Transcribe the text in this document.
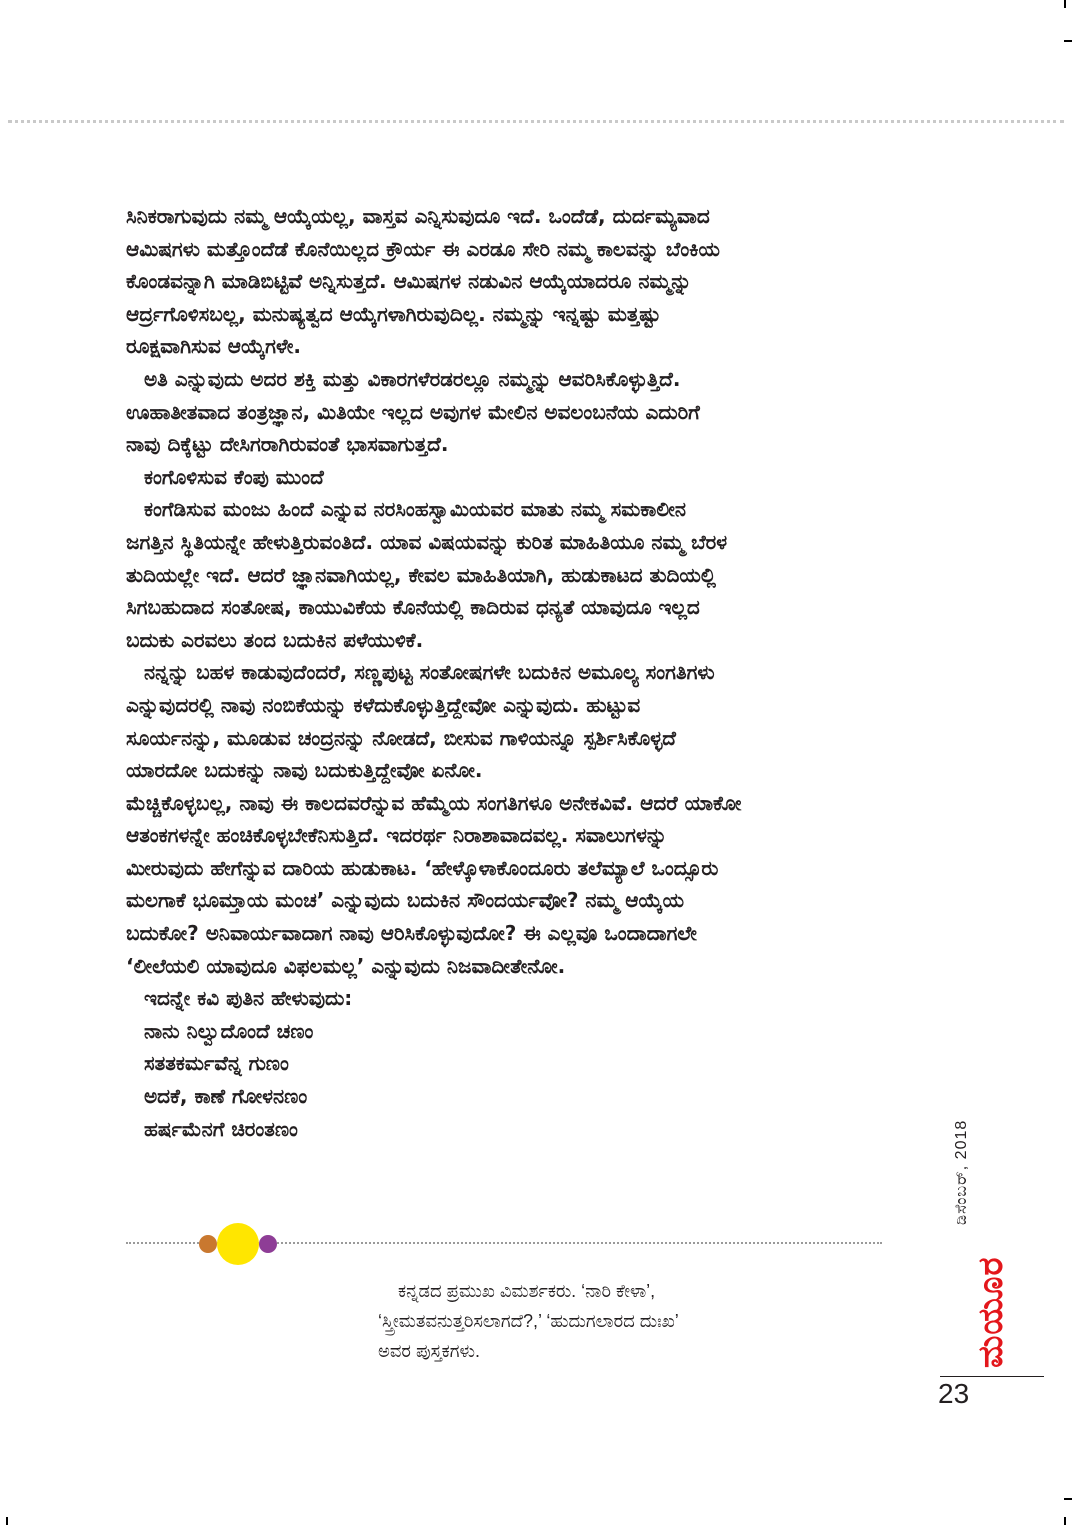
ಸಿನಿಕರಾಗುವುದು ನಮ್ಮ ಆಯ್ಕೆಯಲ್ಲ, ವಾಸ್ತವ ಎನ್ನಿಸುವುದೂ ಇದೆ. ಒಂದೆಡೆ, ದುರ್ದಮ್ಯವಾದ
ಆಮಿಷಗಳು ಮತ್ತೊಂದೆಡೆ ಕೊನೆಯಿಲ್ಲದ ಕ್ರೌರ್ಯ ಈ ಎರಡೂ ಸೇರಿ ನಮ್ಮ ಕಾಲವನ್ನು ಬೆಂಕಿಯ
ಕೊಂಡವನ್ನಾಗಿ ಮಾಡಿಬಿಟ್ಟಿವೆ ಅನ್ನಿಸುತ್ತದೆ. ಆಮಿಷಗಳ ನಡುವಿನ ಆಯ್ಕೆಯಾದರೂ ನಮ್ಮನ್ನು
ಆರ್ದ್ರಗೊಳಿಸಬಲ್ಲ, ಮನುಷ್ಯತ್ವದ ಆಯ್ಕೆಗಳಾಗಿರುವುದಿಲ್ಲ. ನಮ್ಮನ್ನು ಇನ್ನಷ್ಟು ಮತ್ತಷ್ಟು
ರೂಕ್ಷವಾಗಿಸುವ ಆಯ್ಕೆಗಳೇ.
ಅತಿ ಎನ್ನುವುದು ಅದರ ಶಕ್ತಿ ಮತ್ತು ವಿಕಾರಗಳೆರಡರಲ್ಲೂ ನಮ್ಮನ್ನು ಆವರಿಸಿಕೊಳ್ಳುತ್ತಿದೆ.
ಊಹಾತೀತವಾದ ತಂತ್ರಜ್ಞಾನ, ಮಿತಿಯೇ ಇಲ್ಲದ ಅವುಗಳ ಮೇಲಿನ ಅವಲಂಬನೆಯ ಎದುರಿಗೆ
ನಾವು ದಿಕ್ಕೆಟ್ಟು ದೇಸಿಗರಾಗಿರುವಂತೆ ಭಾಸವಾಗುತ್ತದೆ.
ಕಂಗೊಳಿಸುವ ಕೆಂಪು ಮುಂದೆ
ಕಂಗೆಡಿಸುವ ಮಂಜು ಹಿಂದೆ ಎನ್ನುವ ನರಸಿಂಹಸ್ವಾಮಿಯವರ ಮಾತು ನಮ್ಮ ಸಮಕಾಲೀನ
ಜಗತ್ತಿನ ಸ್ಥಿತಿಯನ್ನೇ ಹೇಳುತ್ತಿರುವಂತಿದೆ. ಯಾವ ವಿಷಯವನ್ನು ಕುರಿತ ಮಾಹಿತಿಯೂ ನಮ್ಮ ಬೆರಳ
ತುದಿಯಲ್ಲೇ ಇದೆ. ಆದರೆ ಜ್ಞಾನವಾಗಿಯಲ್ಲ, ಕೇವಲ ಮಾಹಿತಿಯಾಗಿ, ಹುಡುಕಾಟದ ತುದಿಯಲ್ಲಿ
ಸಿಗಬಹುದಾದ ಸಂತೋಷ, ಕಾಯುವಿಕೆಯ ಕೊನೆಯಲ್ಲಿ ಕಾದಿರುವ ಧನ್ಯತೆ ಯಾವುದೂ ಇಲ್ಲದ
ಬದುಕು ಎರವಲು ತಂದ ಬದುಕಿನ ಪಳೆಯುಳಿಕೆ.
ನನ್ನನ್ನು ಬಹಳ ಕಾಡುವುದೆಂದರೆ, ಸಣ್ಣಪುಟ್ಟ ಸಂತೋಷಗಳೇ ಬದುಕಿನ ಅಮೂಲ್ಯ ಸಂಗತಿಗಳು
ಎನ್ನುವುದರಲ್ಲಿ ನಾವು ನಂಬಿಕೆಯನ್ನು ಕಳೆದುಕೊಳ್ಳುತ್ತಿದ್ದೇವೋ ಎನ್ನುವುದು. ಹುಟ್ಟುವ
ಸೂರ್ಯನನ್ನು, ಮೂಡುವ ಚಂದ್ರನನ್ನು ನೋಡದೆ, ಬೀಸುವ ಗಾಳಿಯನ್ನೂ ಸ್ಪರ್ಶಿಸಿಕೊಳ್ಳದೆ
ಯಾರದೋ ಬದುಕನ್ನು ನಾವು ಬದುಕುತ್ತಿದ್ದೇವೋ ಏನೋ.
ಮೆಚ್ಚಿಕೊಳ್ಳಬಲ್ಲ, ನಾವು ಈ ಕಾಲದವರೆನ್ನುವ ಹೆಮ್ಮೆಯ ಸಂಗತಿಗಳೂ ಅನೇಕವಿವೆ. ಆದರೆ ಯಾಕೋ
ಆತಂಕಗಳನ್ನೇ ಹಂಚಿಕೊಳ್ಳಬೇಕೆನಿಸುತ್ತಿದೆ. ಇದರರ್ಥ ನಿರಾಶಾವಾದವಲ್ಲ. ಸವಾಲುಗಳನ್ನು
ಮೀರುವುದು ಹೇಗೆನ್ನುವ ದಾರಿಯ ಹುಡುಕಾಟ. ‘ಹೇಳ್ಕೊಳಾಕೊಂದೂರು ತಲೆಮ್ಯಾಲೆ ಒಂದ್ಸೂರು
ಮಲಗಾಕೆ ಭೂಮ್ತಾಯ ಮಂಚ’ ಎನ್ನುವುದು ಬದುಕಿನ ಸೌಂದರ್ಯವೋ? ನಮ್ಮ ಆಯ್ಕೆಯ
ಬದುಕೋ? ಅನಿವಾರ್ಯವಾದಾಗ ನಾವು ಆರಿಸಿಕೊಳ್ಳುವುದೋ? ಈ ಎಲ್ಲವೂ ಒಂದಾದಾಗಲೇ
‘ಲೀಲೆಯಲಿ ಯಾವುದೂ ವಿಫಲಮಲ್ಲ’ ಎನ್ನುವುದು ನಿಜವಾದೀತೇನೋ.
ಇದನ್ನೇ ಕವಿ ಪುತಿನ ಹೇಳುವುದು:
ನಾನು ನಿಲ್ವುದೊಂದೆ ಚಣಂ
ಸತತಕರ್ಮವೆನ್ನ ಗುಣಂ
ಅದಕೆ, ಕಾಣೆ ಗೋಳನಣಂ
ಹರ್ಷಮೆನಗೆ ಚಿರಂತಣಂ
ಕನ್ನಡದ ಪ್ರಮುಖ ವಿಮರ್ಶಕರು. ‘ನಾರಿ ಕೇಳಾ’,
‘ಸ್ತ್ರೀಮತವನುತ್ತರಿಸಲಾಗದೆ?,’ ‘ಹುದುಗಲಾರದ ದುಃಖ’
ಅವರ ಪುಸ್ತಕಗಳು.
ಡಿಸೆಂಬರ್, 2018
ಮಯೂರ
23
